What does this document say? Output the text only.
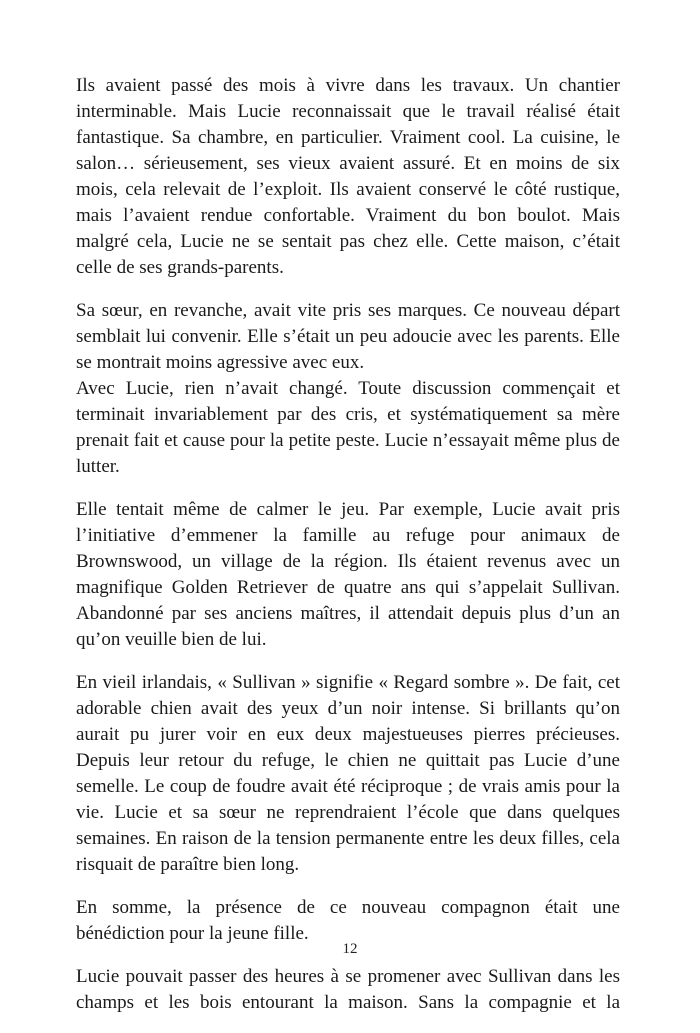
Ils avaient passé des mois à vivre dans les travaux. Un chantier interminable. Mais Lucie reconnaissait que le travail réalisé était fantastique. Sa chambre, en particulier. Vraiment cool. La cuisine, le salon… sérieusement, ses vieux avaient assuré. Et en moins de six mois, cela relevait de l’exploit. Ils avaient conservé le côté rustique, mais l’avaient rendue confortable. Vraiment du bon boulot. Mais malgré cela, Lucie ne se sentait pas chez elle. Cette maison, c’était celle de ses grands-parents.

Sa sœur, en revanche, avait vite pris ses marques. Ce nouveau départ semblait lui convenir. Elle s’était un peu adoucie avec les parents. Elle se montrait moins agressive avec eux.

Avec Lucie, rien n’avait changé. Toute discussion commençait et terminait invariablement par des cris, et systématiquement sa mère prenait fait et cause pour la petite peste. Lucie n’essayait même plus de lutter.

Elle tentait même de calmer le jeu. Par exemple, Lucie avait pris l’initiative d’emmener la famille au refuge pour animaux de Brownswood, un village de la région. Ils étaient revenus avec un magnifique Golden Retriever de quatre ans qui s’appelait Sullivan. Abandonné par ses anciens maîtres, il attendait depuis plus d’un an qu’on veuille bien de lui.

En vieil irlandais, « Sullivan » signifie « Regard sombre ». De fait, cet adorable chien avait des yeux d’un noir intense. Si brillants qu’on aurait pu jurer voir en eux deux majestueuses pierres précieuses. Depuis leur retour du refuge, le chien ne quittait pas Lucie d’une semelle. Le coup de foudre avait été réciproque ; de vrais amis pour la vie. Lucie et sa sœur ne reprendraient l’école que dans quelques semaines. En raison de la tension permanente entre les deux filles, cela risquait de paraître bien long.

En somme, la présence de ce nouveau compagnon était une bénédiction pour la jeune fille.

Lucie pouvait passer des heures à se promener avec Sullivan dans les champs et les bois entourant la maison. Sans la compagnie et la

12
